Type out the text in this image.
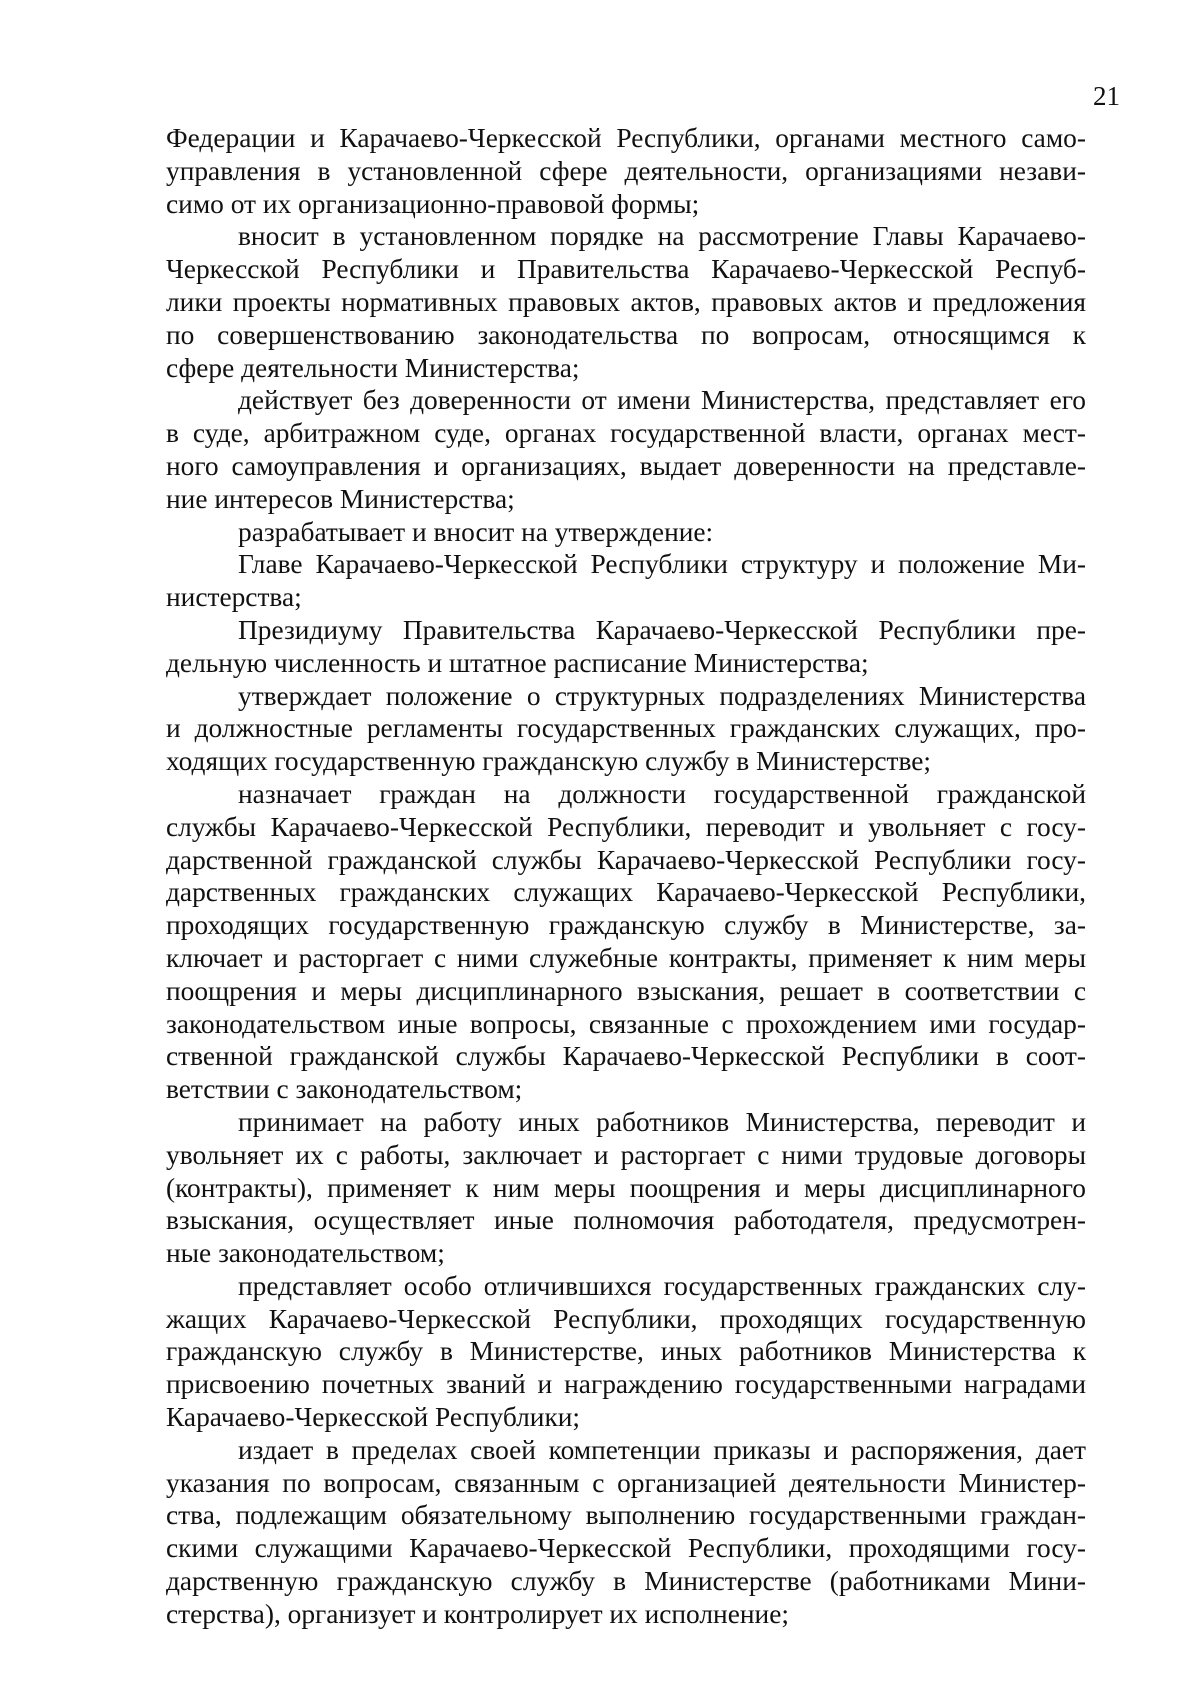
21

Федерации и Карачаево-Черкесской Республики, органами местного само-
управления в установленной сфере деятельности, организациями незави-
симо от их организационно-правовой формы;

вносит в установленном порядке на рассмотрение Главы Карачаево-
Черкесской Республики и Правительства Карачаево-Черкесской Респуб-
лики проекты нормативных правовых актов, правовых актов и предложения
по совершенствованию законодательства по вопросам, относящимся к
сфере деятельности Министерства;

действует без доверенности от имени Министерства, представляет его
в суде, арбитражном суде, органах государственной власти, органах мест-
ного самоуправления и организациях, выдает доверенности на представле-
ние интересов Министерства;

разрабатывает и вносит на утверждение:

Главе Карачаево-Черкесской Республики структуру и положение Ми-
нистерства;

Президиуму Правительства Карачаево-Черкесской Республики пре-
дельную численность и штатное расписание Министерства;

утверждает положение о структурных подразделениях Министерства
и должностные регламенты государственных гражданских служащих, про-
ходящих государственную гражданскую службу в Министерстве;

назначает граждан на должности государственной гражданской
службы Карачаево-Черкесской Республики, переводит и увольняет с госу-
дарственной гражданской службы Карачаево-Черкесской Республики госу-
дарственных гражданских служащих Карачаево-Черкесской Республики,
проходящих государственную гражданскую службу в Министерстве, за-
ключает и расторгает с ними служебные контракты, применяет к ним меры
поощрения и меры дисциплинарного взыскания, решает в соответствии с
законодательством иные вопросы, связанные с прохождением ими государ-
ственной гражданской службы Карачаево-Черкесской Республики в соот-
ветствии с законодательством;

принимает на работу иных работников Министерства, переводит и
увольняет их с работы, заключает и расторгает с ними трудовые договоры
(контракты), применяет к ним меры поощрения и меры дисциплинарного
взыскания, осуществляет иные полномочия работодателя, предусмотрен-
ные законодательством;

представляет особо отличившихся государственных гражданских слу-
жащих Карачаево-Черкесской Республики, проходящих государственную
гражданскую службу в Министерстве, иных работников Министерства к
присвоению почетных званий и награждению государственными наградами
Карачаево-Черкесской Республики;

издает в пределах своей компетенции приказы и распоряжения, дает
указания по вопросам, связанным с организацией деятельности Министер-
ства, подлежащим обязательному выполнению государственными граждан-
скими служащими Карачаево-Черкесской Республики, проходящими госу-
дарственную гражданскую службу в Министерстве (работниками Мини-
стерства), организует и контролирует их исполнение;
